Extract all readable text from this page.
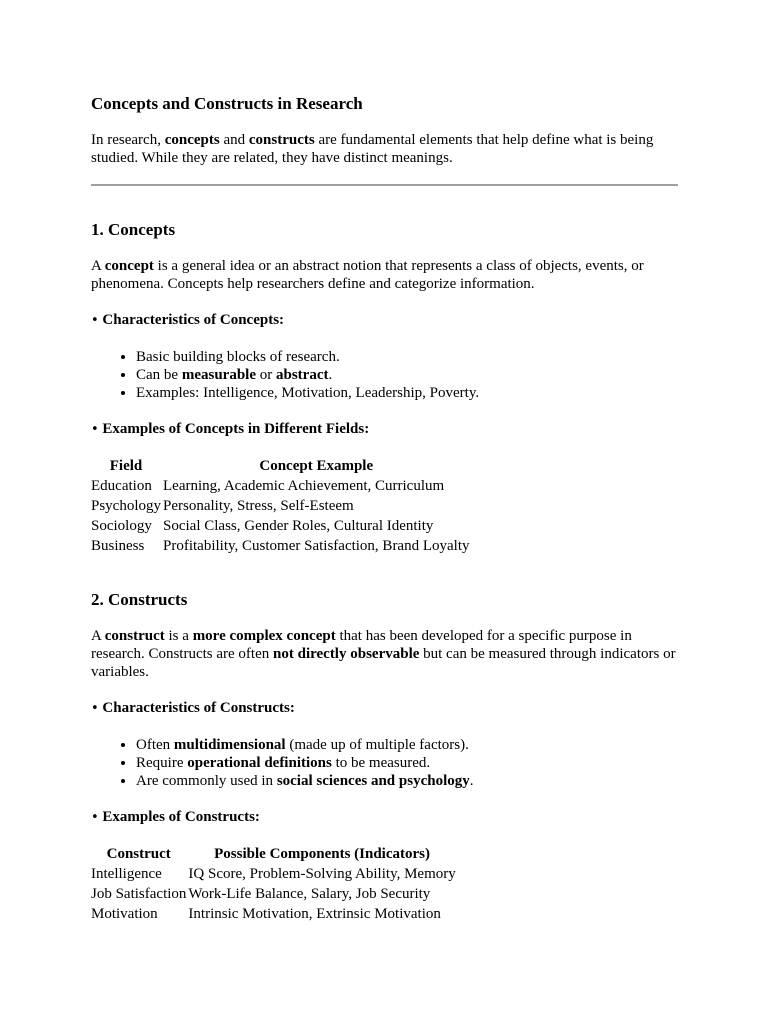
Concepts and Constructs in Research

In research, concepts and constructs are fundamental elements that help define what is being studied. While they are related, they have distinct meanings.

1. Concepts

A concept is a general idea or an abstract notion that represents a class of objects, events, or phenomena. Concepts help researchers define and categorize information.

• Characteristics of Concepts:

• Basic building blocks of research.
• Can be measurable or abstract.
• Examples: Intelligence, Motivation, Leadership, Poverty.

• Examples of Concepts in Different Fields:

Field	Concept Example
Education	Learning, Academic Achievement, Curriculum
Psychology	Personality, Stress, Self-Esteem
Sociology	Social Class, Gender Roles, Cultural Identity
Business	Profitability, Customer Satisfaction, Brand Loyalty
2. Constructs

A construct is a more complex concept that has been developed for a specific purpose in research. Constructs are often not directly observable but can be measured through indicators or variables.

• Characteristics of Constructs:

• Often multidimensional (made up of multiple factors).
• Require operational definitions to be measured.
• Are commonly used in social sciences and psychology.

• Examples of Constructs:

Construct	Possible Components (Indicators)
Intelligence	IQ Score, Problem-Solving Ability, Memory
Job Satisfaction	Work-Life Balance, Salary, Job Security
Motivation	Intrinsic Motivation, Extrinsic Motivation
